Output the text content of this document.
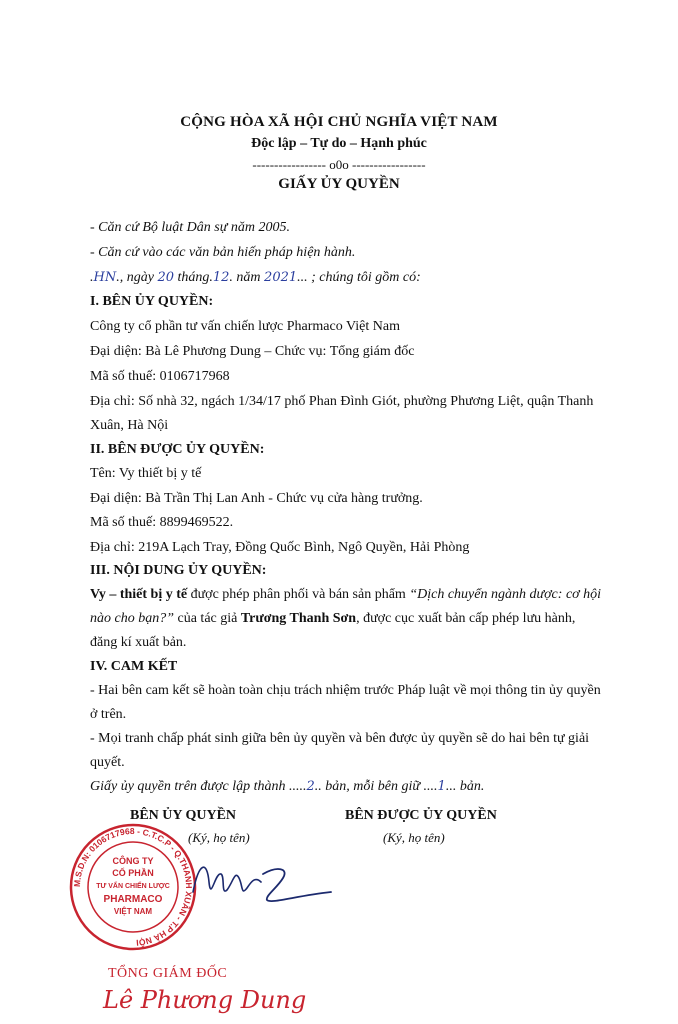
CỘNG HÒA XÃ HỘI CHỦ NGHĨA VIỆT NAM
Độc lập – Tự do – Hạnh phúc
----------------- o0o -----------------
GIẤY ỦY QUYỀN
- Căn cứ Bộ luật Dân sự năm 2005.
- Căn cứ vào các văn bản hiến pháp hiện hành.
.HN., ngày 20 tháng.12. năm 2021... ; chúng tôi gồm có:
I. BÊN ỦY QUYỀN:
Công ty cổ phần tư vấn chiến lược Pharmaco Việt Nam
Đại diện: Bà Lê Phương Dung – Chức vụ: Tổng giám đốc
Mã số thuế: 0106717968
Địa chỉ: Số nhà 32, ngách 1/34/17 phố Phan Đình Giót, phường Phương Liệt, quận Thanh
Xuân, Hà Nội
II. BÊN ĐƯỢC ỦY QUYỀN:
Tên: Vy thiết bị y tế
Đại diện: Bà Trần Thị Lan Anh - Chức vụ cửa hàng trưởng.
Mã số thuế: 8899469522.
Địa chỉ: 219A Lạch Tray, Đồng Quốc Bình, Ngô Quyền, Hải Phòng
III. NỘI DUNG ỦY QUYỀN:
Vy – thiết bị y tế được phép phân phối và bán sản phẩm “Dịch chuyển ngành dược: cơ hội
nào cho bạn?” của tác giả Trương Thanh Sơn, được cục xuất bản cấp phép lưu hành,
đăng kí xuất bản.
IV. CAM KẾT
- Hai bên cam kết sẽ hoàn toàn chịu trách nhiệm trước Pháp luật về mọi thông tin ủy quyền
ở trên.
- Mọi tranh chấp phát sinh giữa bên ủy quyền và bên được ủy quyền sẽ do hai bên tự giải
quyết.
Giấy ủy quyền trên được lập thành .....2.. bản, mỗi bên giữ ....1... bản.
BÊN ỦY QUYỀN
(Ký, họ tên)
BÊN ĐƯỢC ỦY QUYỀN
(Ký, họ tên)
M.S.D.N: 0106717968 - C.T.C.P - Q.THANH XUÂN - T.P HÀ NỘI
CÔNG TY
CỔ PHẦN
TƯ VẤN CHIẾN LƯỢC
PHARMACO
VIỆT NAM
TỔNG GIÁM ĐỐC
Lê Phương Dung
